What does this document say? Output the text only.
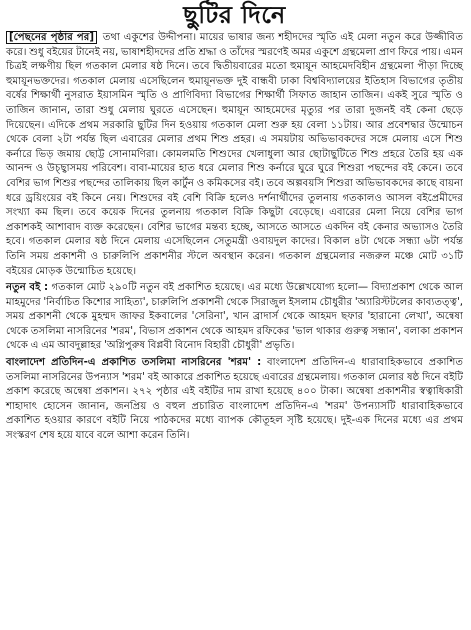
ছুটির দিনে

[পেছনের পৃষ্ঠার পর] তথা একুশের উদ্দীপনা। মায়ের ভাষার জন্য শহীদদের স্মৃতি এই মেলা নতুন করে উজ্জীবিত করে। শুধু বইয়ের টানেই নয়, ভাষাশহীদদের প্রতি শ্রদ্ধা ও তাঁদের স্মরণেই অমর একুশে গ্রন্থমেলা প্রাণ ফিরে পায়। এমন চিত্রই লক্ষণীয় ছিল গতকাল মেলার ষষ্ঠ দিনে। তবে দ্বিতীয়বারের মতো হুমায়ূন আহমেদবিহীন গ্রন্থমেলা পীড়া দিচ্ছে হুমায়ূনভক্তদের। গতকাল মেলায় এসেছিলেন হুমায়ূনভক্ত দুই বান্ধবী ঢাকা বিশ্ববিদ্যালয়ের ইতিহাস বিভাগের তৃতীয় বর্ষের শিক্ষার্থী নুসরাত ইয়াসমিন স্মৃতি ও প্রাণিবিদ্যা বিভাগের শিক্ষার্থী সিফাত জাহান তাজিন। একই সুরে স্মৃতি ও তাজিন জানান, তারা শুধু মেলায় ঘুরতে এসেছেন। হুমায়ূন আহমেদের মৃত্যুর পর তারা দুজনই বই কেনা ছেড়ে দিয়েছেন। এদিকে প্রথম সরকারি ছুটির দিন হওয়ায় গতকাল মেলা শুরু হয় বেলা ১১টায়। আর প্রবেশদ্বার উন্মোচন থেকে বেলা ২টা পর্যন্ত ছিল এবারের মেলার প্রথম শিশু প্রহর। এ সময়টায় অভিভাবকদের সঙ্গে মেলায় এসে শিশু কর্নারে ভিড় জমায় ছোট্ট সোনামণিরা। কোমলমতি শিশুদের খেলাধুলা আর ছোটাছুটিতে শিশু প্রহরে তৈরি হয় এক আনন্দ ও উচ্ছ্বাসময় পরিবেশ। বাবা-মায়ের হাত ধরে মেলার শিশু কর্নারে ঘুরে ঘুরে শিশুরা পছন্দের বই কেনে। তবে বেশির ভাগ শিশুর পছন্দের তালিকায় ছিল কার্টুন ও কমিকসের বই। তবে অল্পবয়সি শিশুরা অভিভাবকদের কাছে বায়না ধরে ড্রয়িংয়ের বই কিনে নেয়। শিশুদের বই বেশি বিক্রি হলেও দর্শনার্থীদের তুলনায় গতকালও আসল বইপ্রেমীদের সংখ্যা কম ছিল। তবে কয়েক দিনের তুলনায় গতকাল বিক্রি কিছুটা বেড়েছে। এবারের মেলা নিয়ে বেশির ভাগ প্রকাশকই আশাবাদ ব্যক্ত করেছেন। বেশির ভাগের মন্তব্য হচ্ছে, আসতে আসতে একদিন বই কেনার অভ্যাসও তৈরি হবে। গতকাল মেলার ষষ্ঠ দিনে মেলায় এসেছিলেন সেতুমন্ত্রী ওবায়দুল কাদের। বিকাল ৪টা থেকে সন্ধ্যা ৬টা পর্যন্ত তিনি সময় প্রকাশনী ও চারুলিপি প্রকাশনীর স্টলে অবস্থান করেন। গতকাল গ্রন্থমেলার নজরুল মঞ্চে মোট ৩১টি বইয়ের মোড়ক উন্মোচিত হয়েছে।

নতুন বই : গতকাল মোট ২৯০টি নতুন বই প্রকাশিত হয়েছে। এর মধ্যে উল্লেখযোগ্য হলো— বিদ্যাপ্রকাশ থেকে আল মাহমুদের 'নির্বাচিত কিশোর সাহিত্য', চারুলিপি প্রকাশনী থেকে সিরাজুল ইসলাম চৌধুরীর 'অ্যারিস্টটলের কাব্যতত্ত্ব', সময় প্রকাশনী থেকে মুহম্মদ জাফর ইকবালের 'সেরিনা', খান ব্রাদার্স থেকে আহমদ ছফার 'হারানো লেখা', অন্বেষা থেকে তসলিমা নাসরিনের 'শরম', বিভাস প্রকাশন থেকে আহমদ রফিকের 'ভাল থাকার গুরুত্ব সন্ধান', বলাকা প্রকাশন থেকে এ এম আবদুল্লাহর 'অগ্নিপুরুষ বিপ্লবী বিনোদ বিহারী চৌধুরী' প্রভৃতি।

বাংলাদেশ প্রতিদিন-এ প্রকাশিত তসলিমা নাসরিনের 'শরম' : বাংলাদেশ প্রতিদিন-এ ধারাবাহিকভাবে প্রকাশিত তসলিমা নাসরিনের উপন্যাস 'শরম' বই আকারে প্রকাশিত হয়েছে এবারের গ্রন্থমেলায়। গতকাল মেলার ষষ্ঠ দিনে বইটি প্রকাশ করেছে অন্বেষা প্রকাশন। ২৭২ পৃষ্ঠার এই বইটির দাম রাখা হয়েছে ৪০০ টাকা। অন্বেষা প্রকাশনীর স্বত্বাধিকারী শাহাদাৎ হোসেন জানান, জনপ্রিয় ও বহুল প্রচারিত বাংলাদেশ প্রতিদিন-এ 'শরম' উপন্যাসটি ধারাবাহিকভাবে প্রকাশিত হওয়ার কারণে বইটি নিয়ে পাঠকদের মধ্যে ব্যাপক কৌতূহল সৃষ্টি হয়েছে। দুই-এক দিনের মধ্যে এর প্রথম সংস্করণ শেষ হয়ে যাবে বলে আশা করেন তিনি।
